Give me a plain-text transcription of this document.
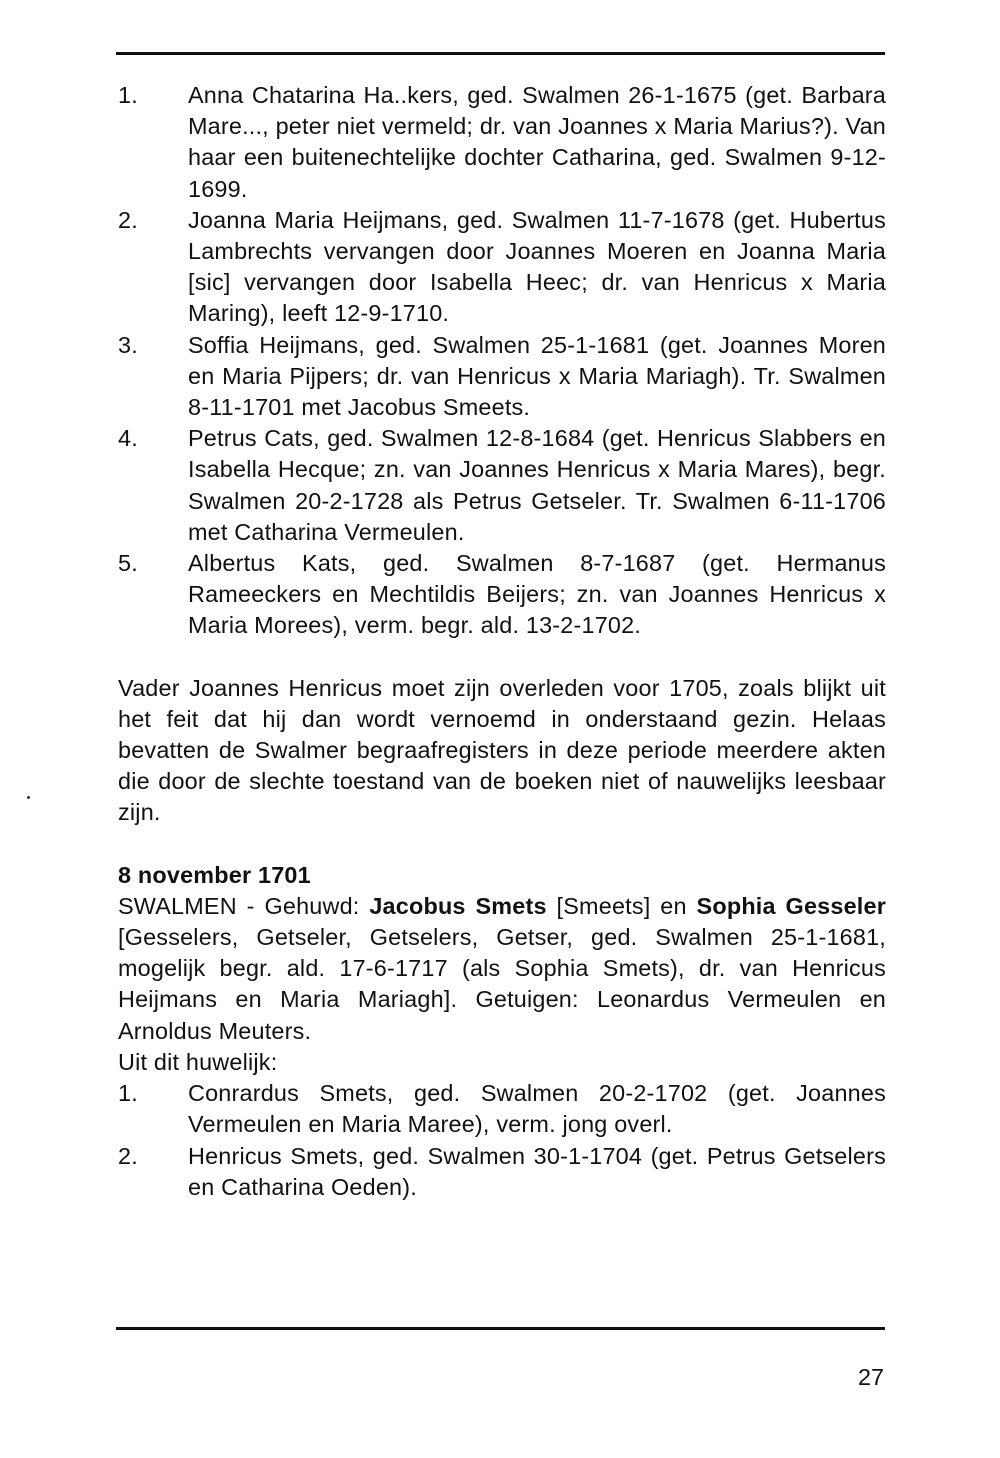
1.	Anna Chatarina Ha..kers, ged. Swalmen 26-1-1675 (get. Barbara Mare..., peter niet vermeld; dr. van Joannes x Maria Marius?). Van haar een buitenechtelijke dochter Catharina, ged. Swalmen 9-12-1699.
2.	Joanna Maria Heijmans, ged. Swalmen 11-7-1678 (get. Hubertus Lambrechts vervangen door Joannes Moeren en Joanna Maria [sic] vervangen door Isabella Heec; dr. van Henricus x Maria Maring), leeft 12-9-1710.
3.	Soffia Heijmans, ged. Swalmen 25-1-1681 (get. Joannes Moren en Maria Pijpers; dr. van Henricus x Maria Mariagh). Tr. Swalmen 8-11-1701 met Jacobus Smeets.
4.	Petrus Cats, ged. Swalmen 12-8-1684 (get. Henricus Slabbers en Isabella Hecque; zn. van Joannes Henricus x Maria Mares), begr. Swalmen 20-2-1728 als Petrus Getseler. Tr. Swalmen 6-11-1706 met Catharina Vermeulen.
5.	Albertus Kats, ged. Swalmen 8-7-1687 (get. Hermanus Rameeckers en Mechtildis Beijers; zn. van Joannes Henricus x Maria Morees), verm. begr. ald. 13-2-1702.
Vader Joannes Henricus moet zijn overleden voor 1705, zoals blijkt uit het feit dat hij dan wordt vernoemd in onderstaand gezin. Helaas bevatten de Swalmer begraafregisters in deze periode meerdere akten die door de slechte toestand van de boeken niet of nauwelijks leesbaar zijn.
8 november 1701
SWALMEN - Gehuwd: Jacobus Smets [Smeets] en Sophia Gesseler [Gesselers, Getseler, Getselers, Getser, ged. Swalmen 25-1-1681, mogelijk begr. ald. 17-6-1717 (als Sophia Smets), dr. van Henricus Heijmans en Maria Mariagh]. Getuigen: Leonardus Vermeulen en Arnoldus Meuters.
Uit dit huwelijk:
1.	Conrardus Smets, ged. Swalmen 20-2-1702 (get. Joannes Vermeulen en Maria Maree), verm. jong overl.
2.	Henricus Smets, ged. Swalmen 30-1-1704 (get. Petrus Getselers en Catharina Oeden).
27
